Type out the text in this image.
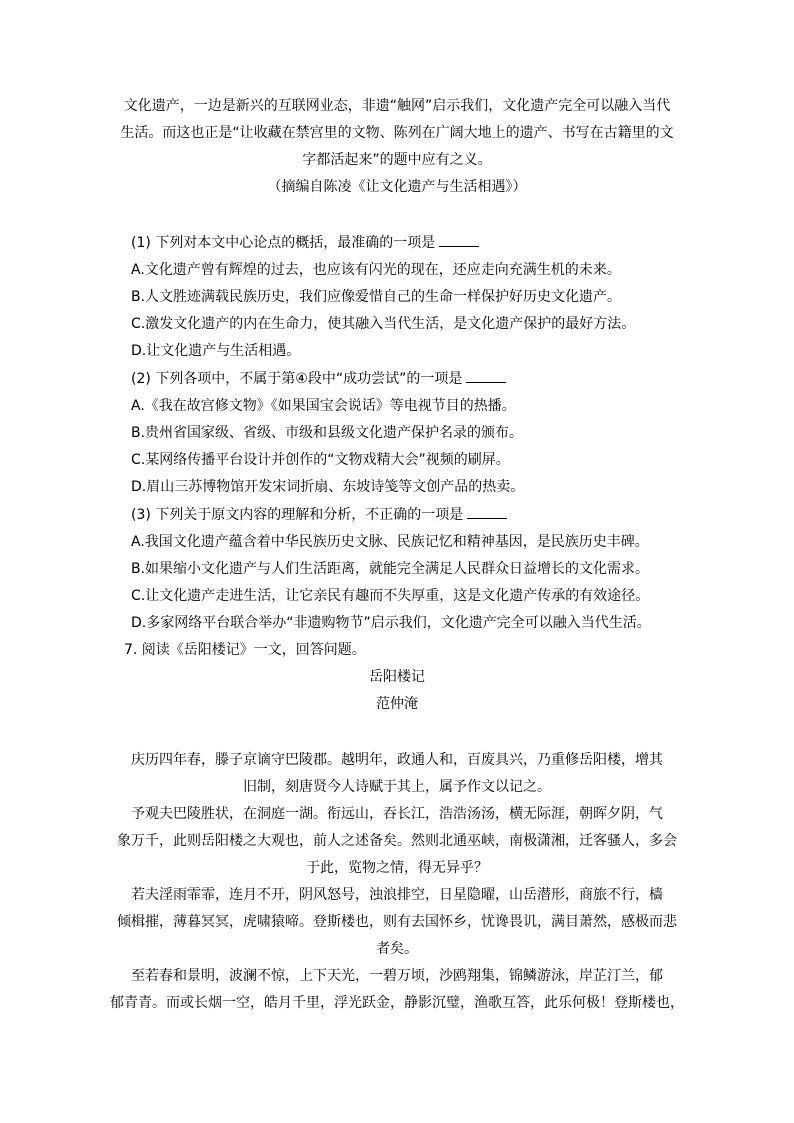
文化遗产，一边是新兴的互联网业态，非遗“触网”启示我们，文化遗产完全可以融入当代
生活。而这也正是“让收藏在禁宫里的文物、陈列在广阔大地上的遗产、书写在古籍里的文
字都活起来”的题中应有之义。
（摘编自陈凌《让文化遗产与生活相遇》）
(1) 下列对本文中心论点的概括，最准确的一项是
A.文化遗产曾有辉煌的过去，也应该有闪光的现在，还应走向充满生机的未来。
B.人文胜迹满载民族历史，我们应像爱惜自己的生命一样保护好历史文化遗产。
C.激发文化遗产的内在生命力，使其融入当代生活，是文化遗产保护的最好方法。
D.让文化遗产与生活相遇。
(2) 下列各项中，不属于第④段中“成功尝试”的一项是
A.《我在故宫修文物》《如果国宝会说话》等电视节目的热播。
B.贵州省国家级、省级、市级和县级文化遗产保护名录的颁布。
C.某网络传播平台设计并创作的“文物戏精大会”视频的刷屏。
D.眉山三苏博物馆开发宋词折扇、东坡诗笺等文创产品的热卖。
(3) 下列关于原文内容的理解和分析，不正确的一项是
A.我国文化遗产蕴含着中华民族历史文脉、民族记忆和精神基因，是民族历史丰碑。
B.如果缩小文化遗产与人们生活距离，就能完全满足人民群众日益增长的文化需求。
C.让文化遗产走进生活，让它亲民有趣而不失厚重，这是文化遗产传承的有效途径。
D.多家网络平台联合举办“非遗购物节”启示我们，文化遗产完全可以融入当代生活。
7. 阅读《岳阳楼记》一文，回答问题。
岳阳楼记
范仲淹
庆历四年春，滕子京谪守巴陵郡。越明年，政通人和，百废具兴，乃重修岳阳楼，增其
旧制，刻唐贤今人诗赋于其上，属予作文以记之。
予观夫巴陵胜状，在洞庭一湖。衔远山，吞长江，浩浩汤汤，横无际涯，朝晖夕阴，气
象万千，此则岳阳楼之大观也，前人之述备矣。然则北通巫峡，南极潇湘，迁客骚人，多会
于此，览物之情，得无异乎？
若夫淫雨霏霏，连月不开，阴风怒号，浊浪排空，日星隐曜，山岳潜形，商旅不行，樯
倾楫摧，薄暮冥冥，虎啸猿啼。登斯楼也，则有去国怀乡，忧谗畏讥，满目萧然，感极而悲
者矣。
至若春和景明，波澜不惊，上下天光，一碧万顷，沙鸥翔集，锦鳞游泳，岸芷汀兰，郁
郁青青。而或长烟一空，皓月千里，浮光跃金，静影沉璧，渔歌互答，此乐何极！登斯楼也，
